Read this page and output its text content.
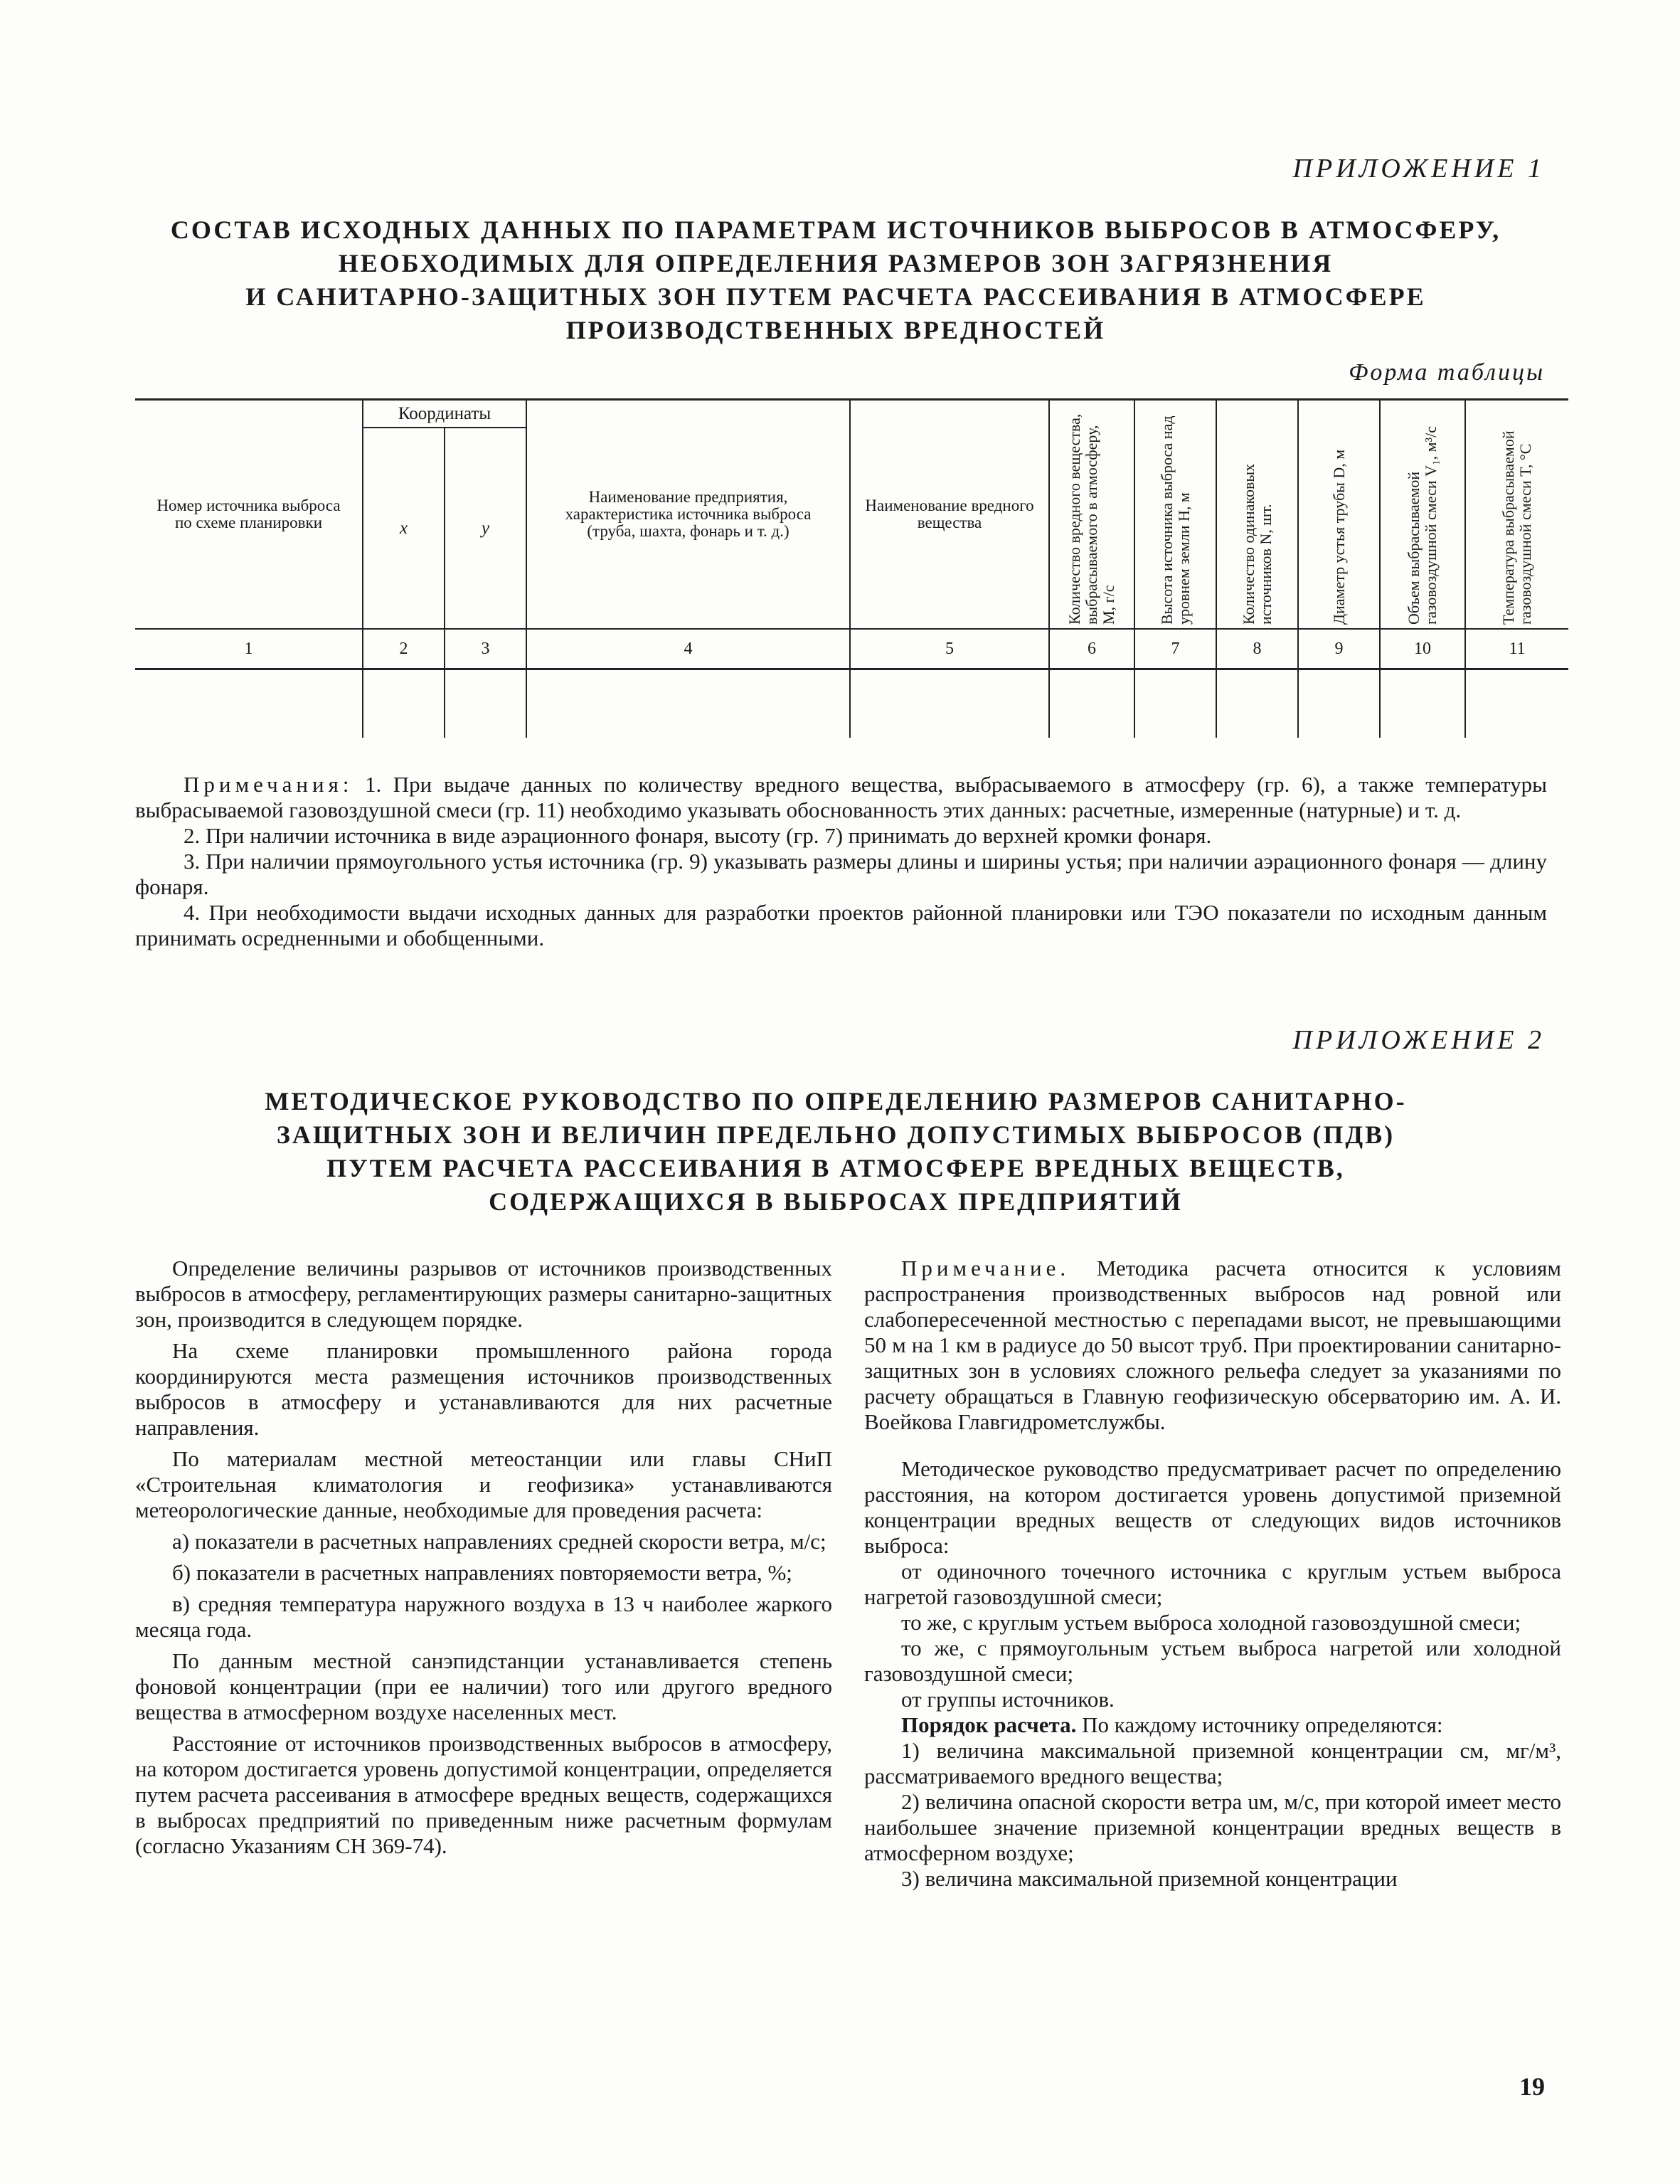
ПРИЛОЖЕНИЕ 1
СОСТАВ ИСХОДНЫХ ДАННЫХ ПО ПАРАМЕТРАМ ИСТОЧНИКОВ ВЫБРОСОВ В АТМОСФЕРУ,
НЕОБХОДИМЫХ ДЛЯ ОПРЕДЕЛЕНИЯ РАЗМЕРОВ ЗОН ЗАГРЯЗНЕНИЯ
И САНИТАРНО-ЗАЩИТНЫХ ЗОН ПУТЕМ РАСЧЕТА РАССЕИВАНИЯ В АТМОСФЕРЕ
ПРОИЗВОДСТВЕННЫХ ВРЕДНОСТЕЙ
Форма таблицы
Номер источника выброса по схеме планировки	Координаты		Наименование предприятия, характеристика источника выброса (труба, шахта, фонарь и т. д.)	Наименование вредного вещества	Количество вредного вещества, выбрасываемого в атмосферу, M, г/с	Высота источника выброса над уровнем земли H, м	Количество одинаковых источников N, шт.	Диаметр устья трубы D, м	Объем выбрасываемой газовоздушной смеси V₁, м³/с	Температура выбрасываемой газовоздушной смеси T, °C

	x	y								
1	2	3	4	5	6	7	8	9	10	11

Примечания: 1. При выдаче данных по количеству вредного вещества, выбрасываемого в атмосферу (гр. 6), а также температуры выбрасываемой газовоздушной смеси (гр. 11) необходимо указывать обоснованность этих данных: расчетные, измеренные (натурные) и т. д.

2. При наличии источника в виде аэрационного фонаря, высоту (гр. 7) принимать до верхней кромки фонаря.

3. При наличии прямоугольного устья источника (гр. 9) указывать размеры длины и ширины устья; при наличии аэрационного фонаря — длину фонаря.

4. При необходимости выдачи исходных данных для разработки проектов районной планировки или ТЭО показатели по исходным данным принимать осредненными и обобщенными.

ПРИЛОЖЕНИЕ 2
МЕТОДИЧЕСКОЕ РУКОВОДСТВО ПО ОПРЕДЕЛЕНИЮ РАЗМЕРОВ САНИТАРНО-
ЗАЩИТНЫХ ЗОН И ВЕЛИЧИН ПРЕДЕЛЬНО ДОПУСТИМЫХ ВЫБРОСОВ (ПДВ)
ПУТЕМ РАСЧЕТА РАССЕИВАНИЯ В АТМОСФЕРЕ ВРЕДНЫХ ВЕЩЕСТВ,
СОДЕРЖАЩИХСЯ В ВЫБРОСАХ ПРЕДПРИЯТИЙ

Определение величины разрывов от источников производственных выбросов в атмосферу, регламентирующих размеры санитарно-защитных зон, производится в следующем порядке.

На схеме планировки промышленного района города координируются места размещения источников производственных выбросов в атмосферу и устанавливаются для них расчетные направления.

По материалам местной метеостанции или главы СНиП «Строительная климатология и геофизика» устанавливаются метеорологические данные, необходимые для проведения расчета:

а) показатели в расчетных направлениях средней скорости ветра, м/с;

б) показатели в расчетных направлениях повторяемости ветра, %;

в) средняя температура наружного воздуха в 13 ч наиболее жаркого месяца года.

По данным местной санэпидстанции устанавливается степень фоновой концентрации (при ее наличии) того или другого вредного вещества в атмосферном воздухе населенных мест.

Расстояние от источников производственных выбросов в атмосферу, на котором достигается уровень допустимой концентрации, определяется путем расчета рассеивания в атмосфере вредных веществ, содержащихся в выбросах предприятий по приведенным ниже расчетным формулам (согласно Указаниям СН 369-74).

Примечание. Методика расчета относится к условиям распространения производственных выбросов над ровной или слабопересеченной местностью с перепадами высот, не превышающими 50 м на 1 км в радиусе до 50 высот труб. При проектировании санитарно-защитных зон в условиях сложного рельефа следует за указаниями по расчету обращаться в Главную геофизическую обсерваторию им. А. И. Воейкова Главгидрометслужбы.

Методическое руководство предусматривает расчет по определению расстояния, на котором достигается уровень допустимой приземной концентрации вредных веществ от следующих видов источников выброса:

от одиночного точечного источника с круглым устьем выброса нагретой газовоздушной смеси;

то же, с круглым устьем выброса холодной газовоздушной смеси;

то же, с прямоугольным устьем выброса нагретой или холодной газовоздушной смеси;

от группы источников.

Порядок расчета. По каждому источнику определяются:

1) величина максимальной приземной концентрации cм, мг/м³, рассматриваемого вредного вещества;

2) величина опасной скорости ветра uм, м/с, при которой имеет место наибольшее значение приземной концентрации вредных веществ в атмосферном воздухе;

3) величина максимальной приземной концентрации

19
